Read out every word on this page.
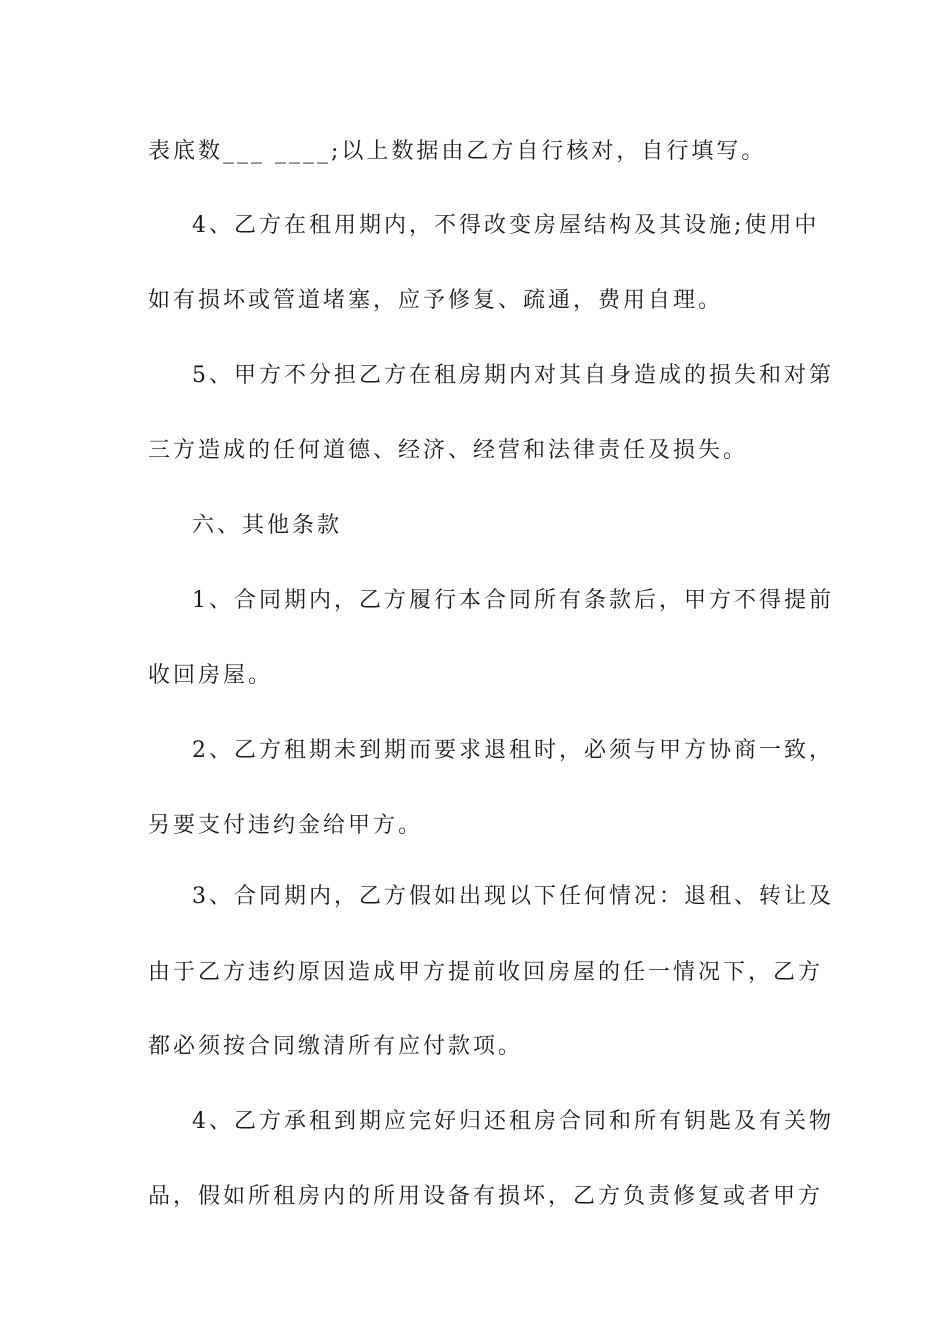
表底数___ ____;以上数据由乙方自行核对，自行填写。
4、乙方在租用期内，不得改变房屋结构及其设施;使用中
如有损坏或管道堵塞，应予修复、疏通，费用自理。
5、甲方不分担乙方在租房期内对其自身造成的损失和对第
三方造成的任何道德、经济、经营和法律责任及损失。
六、其他条款
1、合同期内，乙方履行本合同所有条款后，甲方不得提前
收回房屋。
2、乙方租期未到期而要求退租时，必须与甲方协商一致，
另要支付违约金给甲方。
3、合同期内，乙方假如出现以下任何情况：退租、转让及
由于乙方违约原因造成甲方提前收回房屋的任一情况下，乙方
都必须按合同缴清所有应付款项。
4、乙方承租到期应完好归还租房合同和所有钥匙及有关物
品，假如所租房内的所用设备有损坏，乙方负责修复或者甲方
